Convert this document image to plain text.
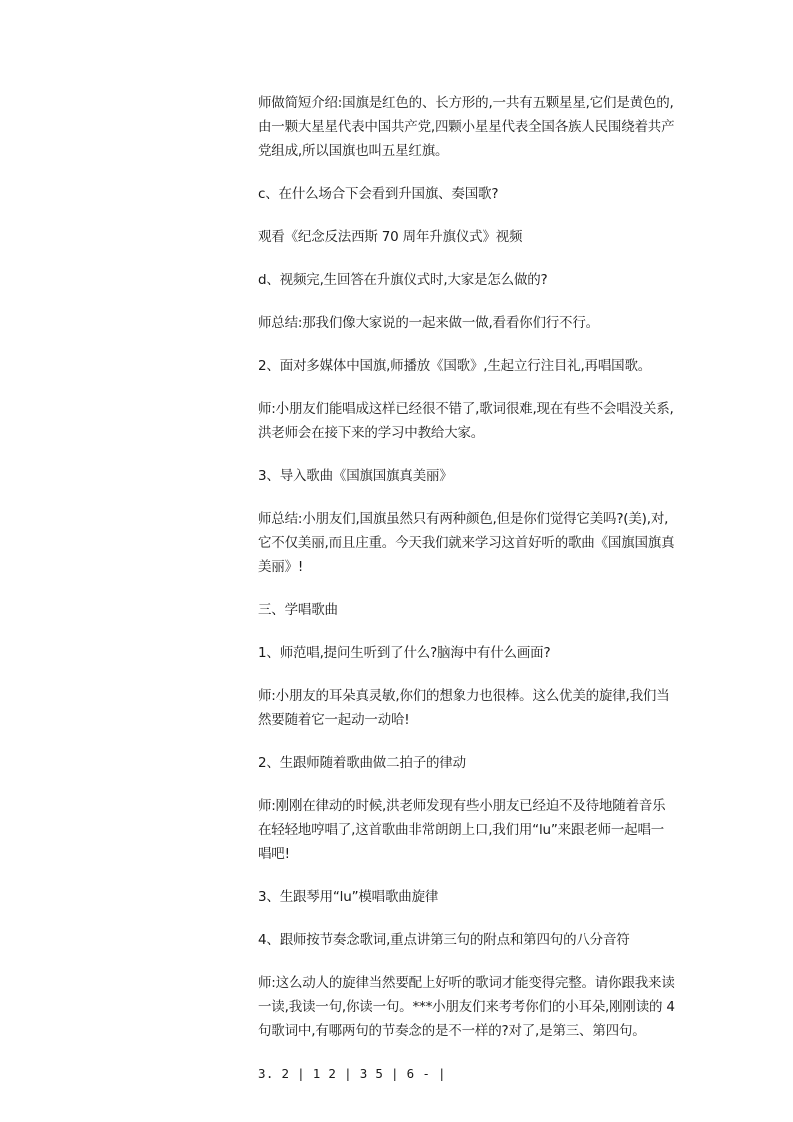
师做简短介绍:国旗是红色的、长方形的,一共有五颗星星,它们是黄色的,由一颗大星星代表中国共产党,四颗小星星代表全国各族人民围绕着共产党组成,所以国旗也叫五星红旗。

c、在什么场合下会看到升国旗、奏国歌?

观看《纪念反法西斯 70 周年升旗仪式》视频

d、视频完,生回答在升旗仪式时,大家是怎么做的?

师总结:那我们像大家说的一起来做一做,看看你们行不行。

2、面对多媒体中国旗,师播放《国歌》,生起立行注目礼,再唱国歌。

师:小朋友们能唱成这样已经很不错了,歌词很难,现在有些不会唱没关系,洪老师会在接下来的学习中教给大家。

3、导入歌曲《国旗国旗真美丽》

师总结:小朋友们,国旗虽然只有两种颜色,但是你们觉得它美吗?(美),对,它不仅美丽,而且庄重。今天我们就来学习这首好听的歌曲《国旗国旗真美丽》!

三、学唱歌曲

1、师范唱,提问生听到了什么?脑海中有什么画面?

师:小朋友的耳朵真灵敏,你们的想象力也很棒。这么优美的旋律,我们当然要随着它一起动一动哈!

2、生跟师随着歌曲做二拍子的律动

师:刚刚在律动的时候,洪老师发现有些小朋友已经迫不及待地随着音乐在轻轻地哼唱了,这首歌曲非常朗朗上口,我们用“lu”来跟老师一起唱一唱吧!

3、生跟琴用“lu”模唱歌曲旋律

4、跟师按节奏念歌词,重点讲第三句的附点和第四句的八分音符

师:这么动人的旋律当然要配上好听的歌词才能变得完整。请你跟我来读一读,我读一句,你读一句。***小朋友们来考考你们的小耳朵,刚刚读的 4 句歌词中,有哪两句的节奏念的是不一样的?对了,是第三、第四句。

3. 2 | 1 2 | 3 5 | 6 - |
